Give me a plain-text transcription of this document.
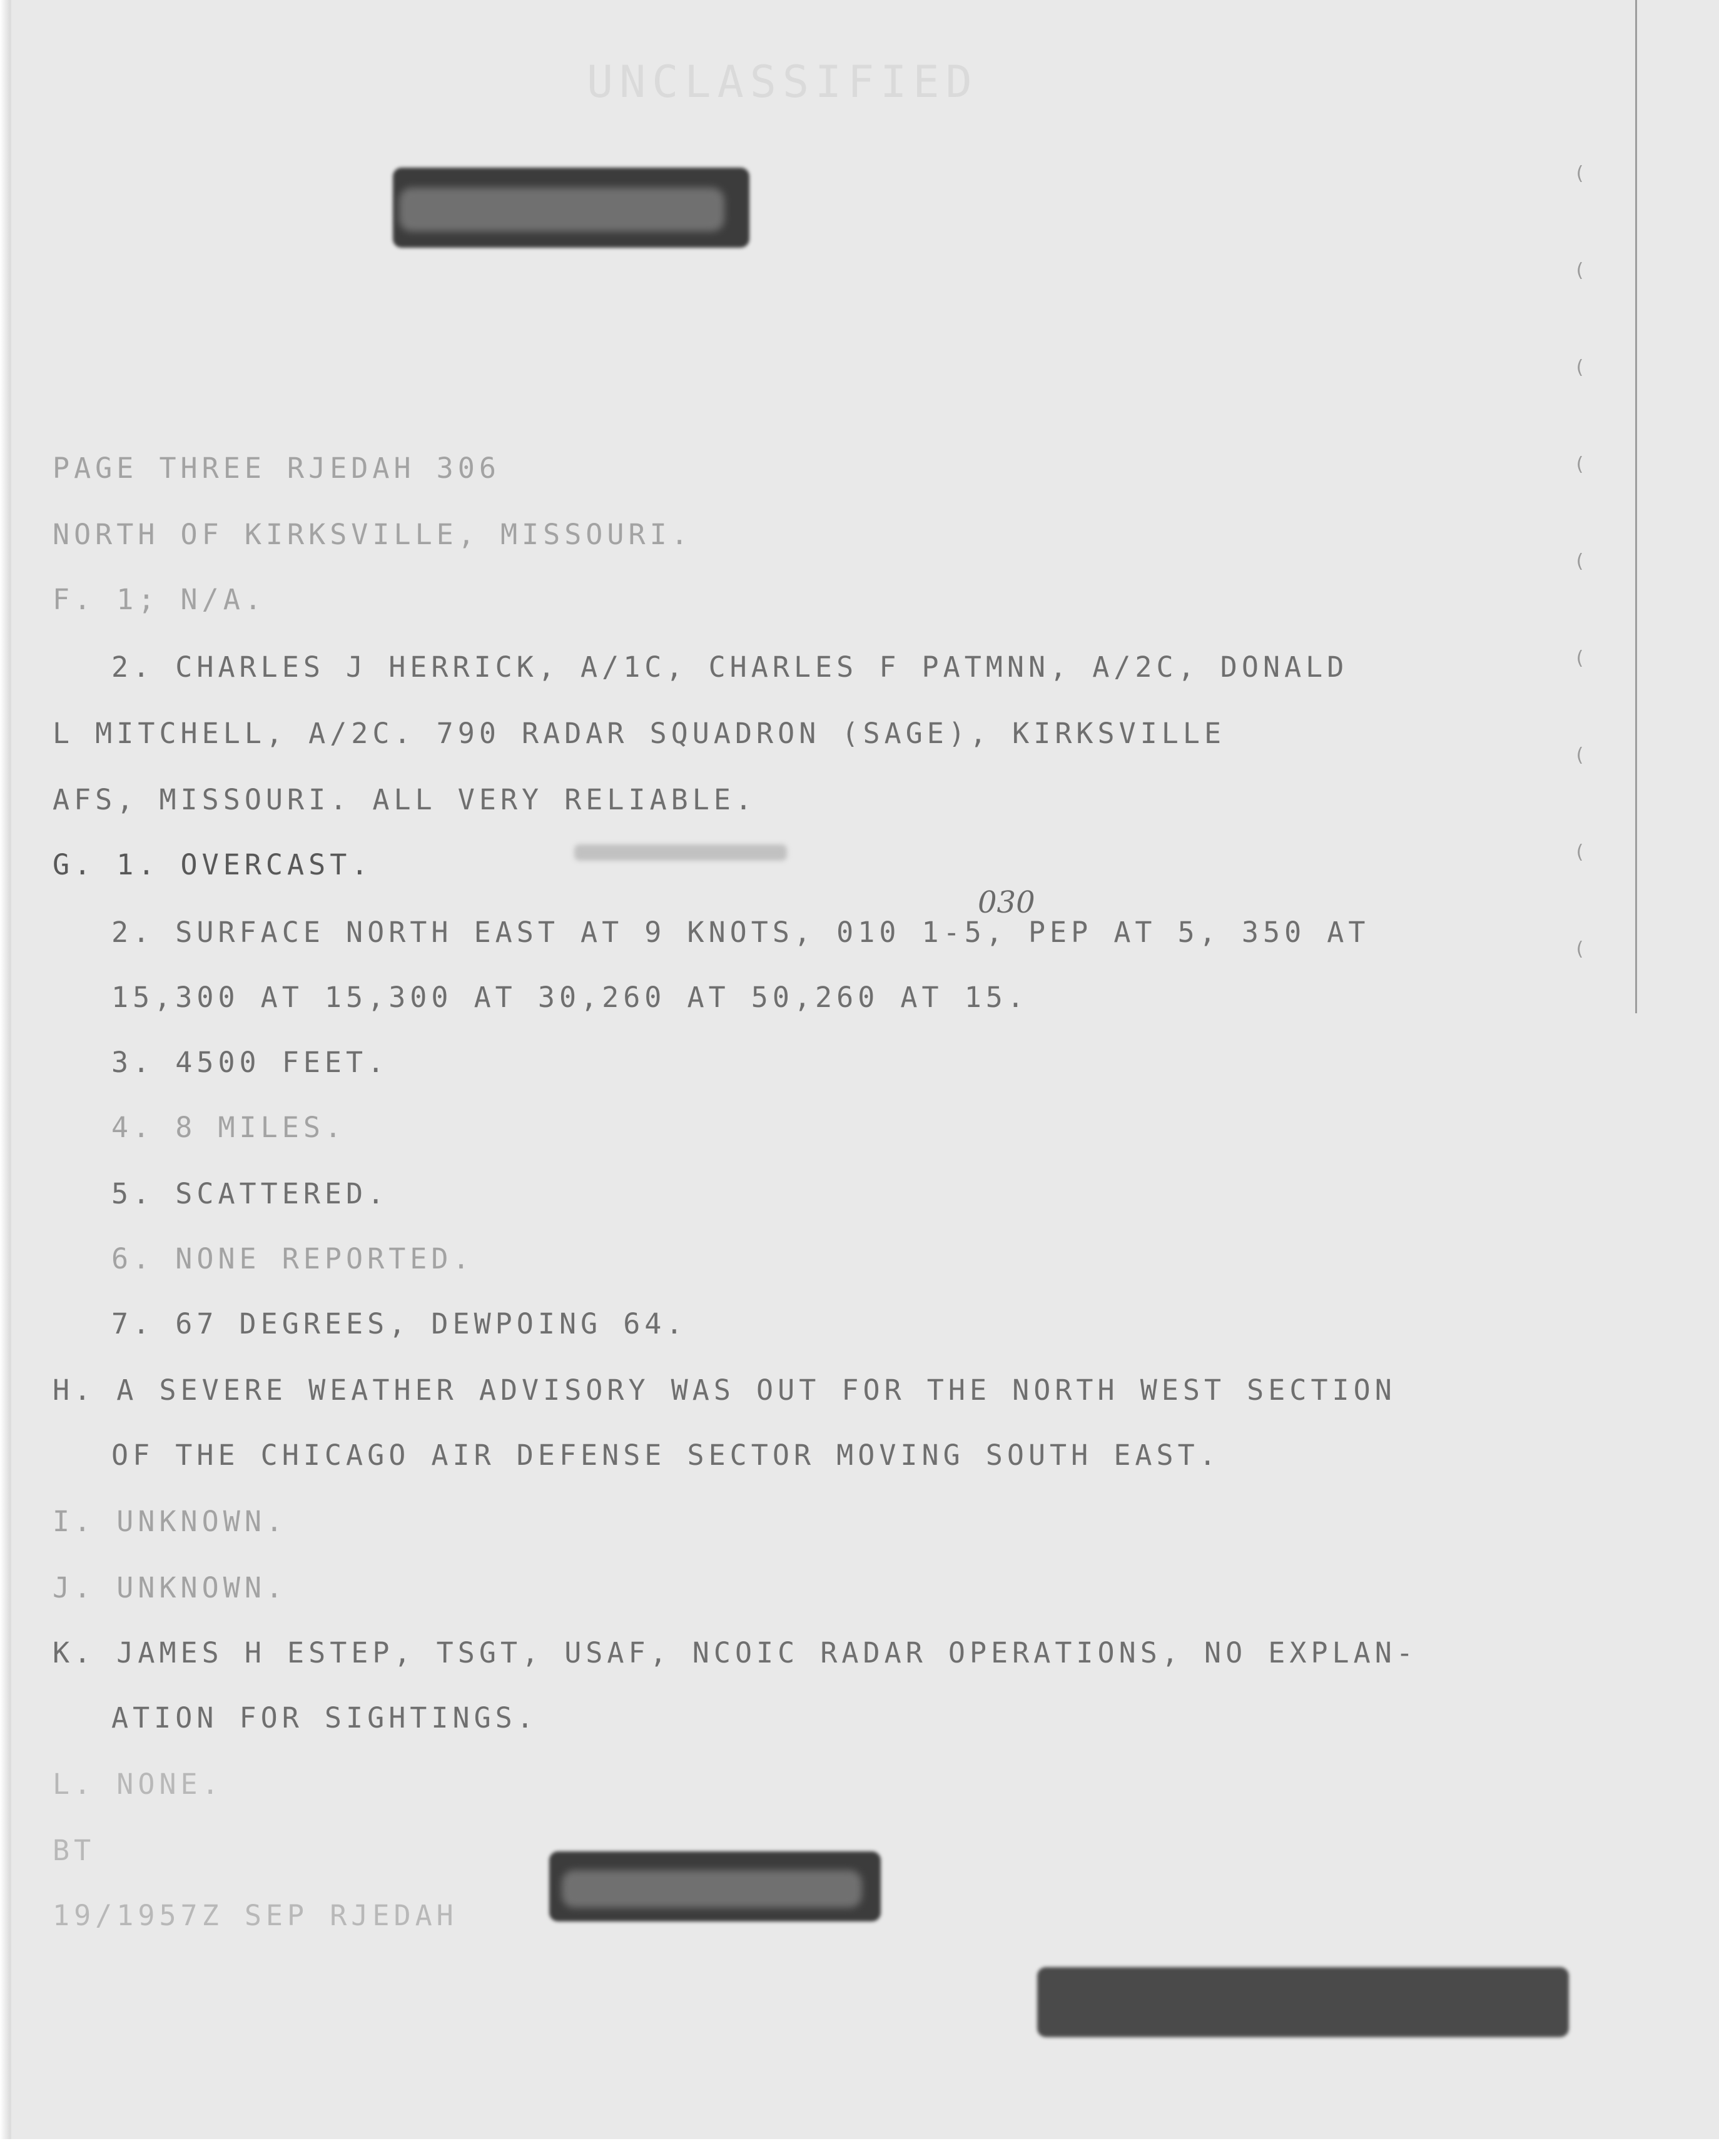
UNCLASSIFIED
(
(
(
(
(
(
(
(
(
030
PAGE THREE RJEDAH 306
NORTH OF KIRKSVILLE, MISSOURI.
F. 1; N/A.
2. CHARLES J HERRICK, A/1C, CHARLES F PATMNN, A/2C, DONALD
L MITCHELL, A/2C. 790 RADAR SQUADRON (SAGE), KIRKSVILLE
AFS, MISSOURI. ALL VERY RELIABLE.
G. 1. OVERCAST.
2. SURFACE NORTH EAST AT 9 KNOTS, 010 1-5, PEP AT 5, 350 AT
15,300 AT 15,300 AT 30,260 AT 50,260 AT 15.
3. 4500 FEET.
4. 8 MILES.
5. SCATTERED.
6. NONE REPORTED.
7. 67 DEGREES, DEWPOING 64.
H. A SEVERE WEATHER ADVISORY WAS OUT FOR THE NORTH WEST SECTION
OF THE CHICAGO AIR DEFENSE SECTOR MOVING SOUTH EAST.
I. UNKNOWN.
J. UNKNOWN.
K. JAMES H ESTEP, TSGT, USAF, NCOIC RADAR OPERATIONS, NO EXPLAN-
ATION FOR SIGHTINGS.
L. NONE.
BT
19/1957Z SEP RJEDAH
